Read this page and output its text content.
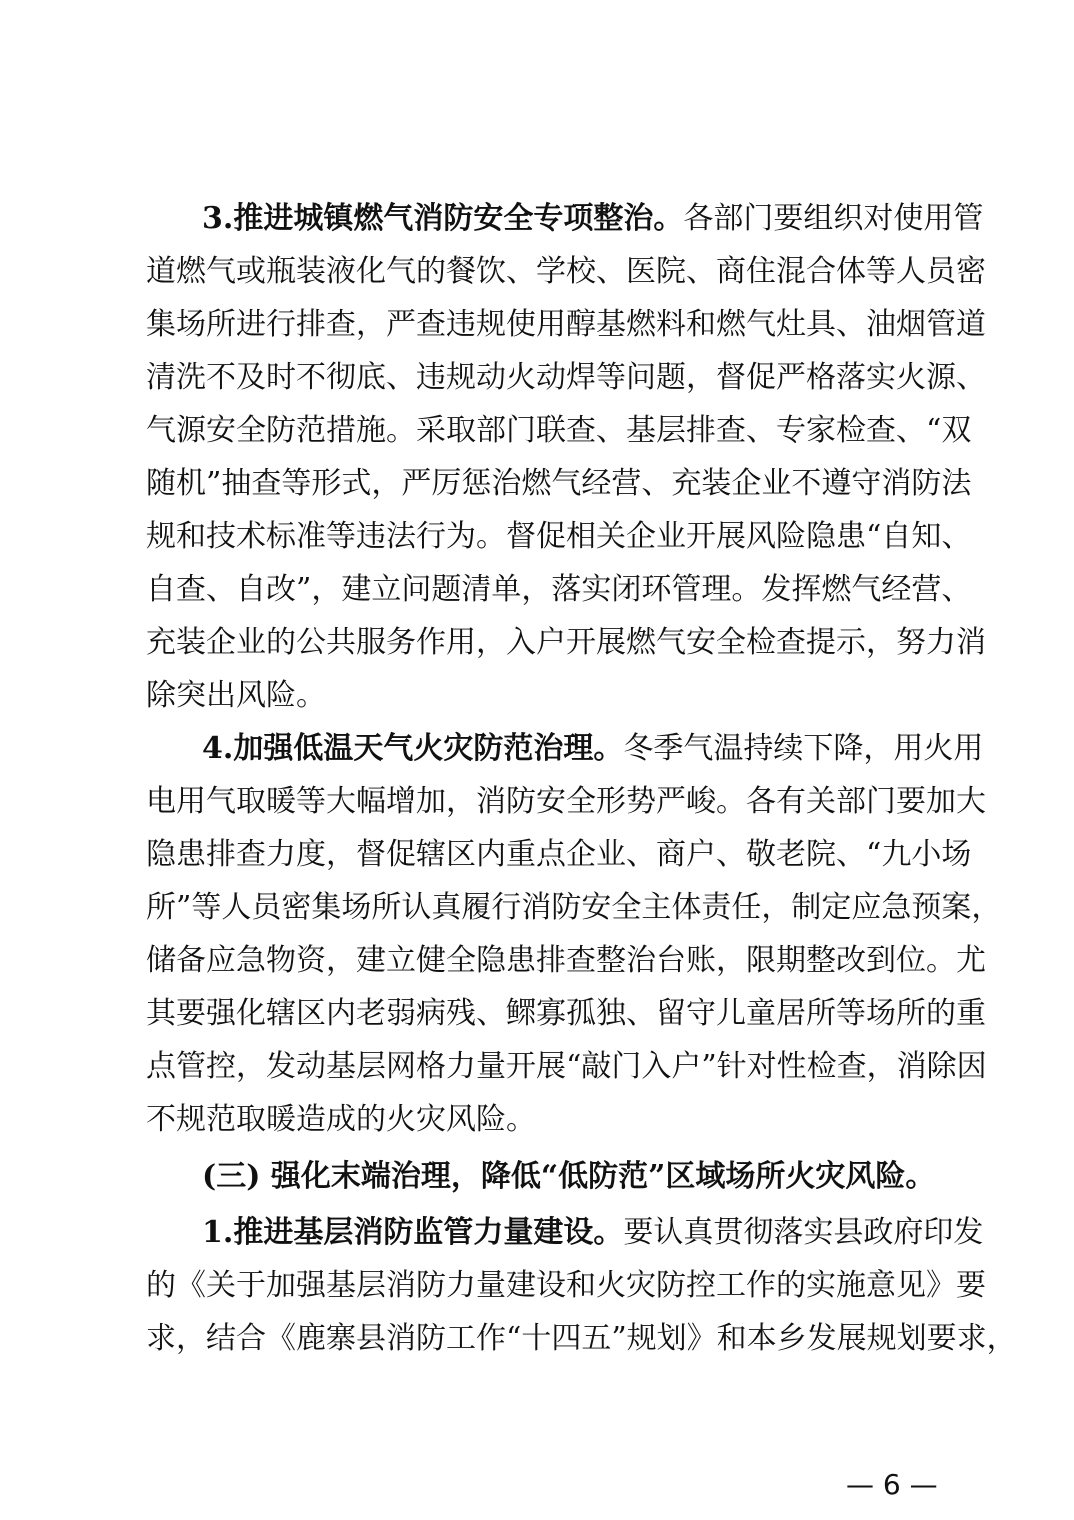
3.推进城镇燃气消防安全专项整治。各部门要组织对使用管
道燃气或瓶装液化气的餐饮、学校、医院、商住混合体等人员密
集场所进行排查，严查违规使用醇基燃料和燃气灶具、油烟管道
清洗不及时不彻底、违规动火动焊等问题，督促严格落实火源、
气源安全防范措施。采取部门联查、基层排查、专家检查、“双
随机”抽查等形式，严厉惩治燃气经营、充装企业不遵守消防法
规和技术标准等违法行为。督促相关企业开展风险隐患“自知、
自查、自改”，建立问题清单，落实闭环管理。发挥燃气经营、
充装企业的公共服务作用，入户开展燃气安全检查提示，努力消
除突出风险。
4.加强低温天气火灾防范治理。冬季气温持续下降，用火用
电用气取暖等大幅增加，消防安全形势严峻。各有关部门要加大
隐患排查力度，督促辖区内重点企业、商户、敬老院、“九小场
所”等人员密集场所认真履行消防安全主体责任，制定应急预案，
储备应急物资，建立健全隐患排查整治台账，限期整改到位。尤
其要强化辖区内老弱病残、鳏寡孤独、留守儿童居所等场所的重
点管控，发动基层网格力量开展“敲门入户”针对性检查，消除因
不规范取暖造成的火灾风险。
(三) 强化末端治理，降低“低防范”区域场所火灾风险。
1.推进基层消防监管力量建设。要认真贯彻落实县政府印发
的《关于加强基层消防力量建设和火灾防控工作的实施意见》要
求，结合《鹿寨县消防工作“十四五”规划》和本乡发展规划要求，
— 6 —
